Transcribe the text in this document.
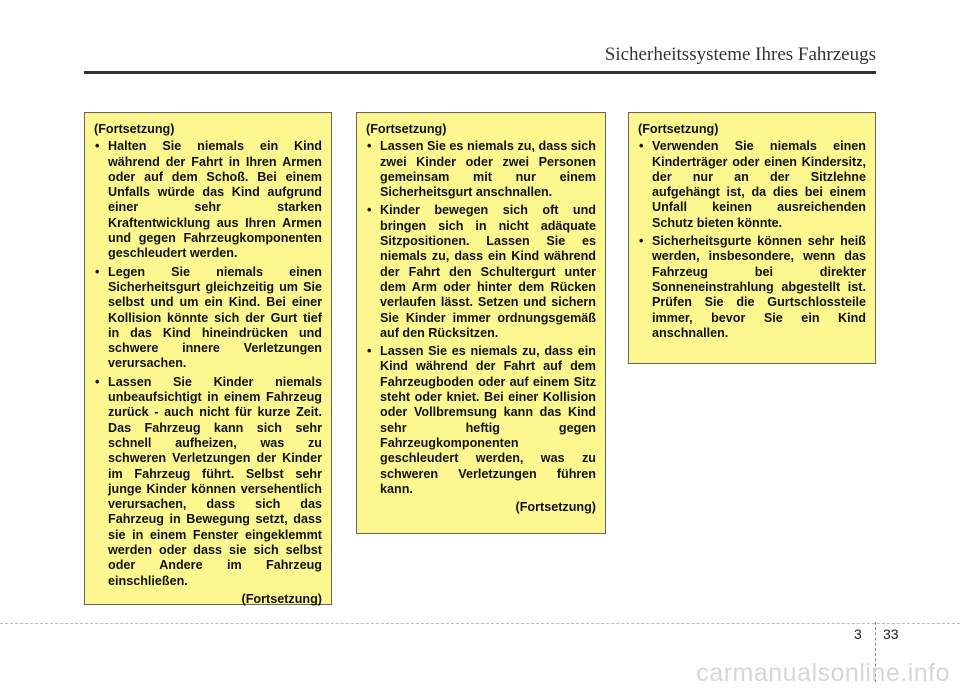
Sicherheitssysteme Ihres Fahrzeugs
(Fortsetzung)
• Halten Sie niemals ein Kind während der Fahrt in Ihren Armen oder auf dem Schoß. Bei einem Unfalls würde das Kind aufgrund einer sehr starken Kraftentwicklung aus Ihren Armen und gegen Fahrzeugkomponenten geschleudert werden.
• Legen Sie niemals einen Sicherheitsgurt gleichzeitig um Sie selbst und um ein Kind. Bei einer Kollision könnte sich der Gurt tief in das Kind hineindrücken und schwere innere Verletzungen verursachen.
• Lassen Sie Kinder niemals unbeaufsichtigt in einem Fahrzeug zurück - auch nicht für kurze Zeit. Das Fahrzeug kann sich sehr schnell aufheizen, was zu schweren Verletzungen der Kinder im Fahrzeug führt. Selbst sehr junge Kinder können versehentlich verursachen, dass sich das Fahrzeug in Bewegung setzt, dass sie in einem Fenster eingeklemmt werden oder dass sie sich selbst oder Andere im Fahrzeug einschließen.
(Fortsetzung)
(Fortsetzung)
• Lassen Sie es niemals zu, dass sich zwei Kinder oder zwei Personen gemeinsam mit nur einem Sicherheitsgurt anschnallen.
• Kinder bewegen sich oft und bringen sich in nicht adäquate Sitzpositionen. Lassen Sie es niemals zu, dass ein Kind während der Fahrt den Schultergurt unter dem Arm oder hinter dem Rücken verlaufen lässt. Setzen und sichern Sie Kinder immer ordnungsgemäß auf den Rücksitzen.
• Lassen Sie es niemals zu, dass ein Kind während der Fahrt auf dem Fahrzeugboden oder auf einem Sitz steht oder kniet. Bei einer Kollision oder Vollbremsung kann das Kind sehr heftig gegen Fahrzeugkomponenten geschleudert werden, was zu schweren Verletzungen führen kann.
(Fortsetzung)
(Fortsetzung)
• Verwenden Sie niemals einen Kinderträger oder einen Kindersitz, der nur an der Sitzlehne aufgehängt ist, da dies bei einem Unfall keinen ausreichenden Schutz bieten könnte.
• Sicherheitsgurte können sehr heiß werden, insbesondere, wenn das Fahrzeug bei direkter Sonneneinstrahlung abgestellt ist. Prüfen Sie die Gurtschlossteile immer, bevor Sie ein Kind anschnallen.
3 33
carmanualsonline.info
